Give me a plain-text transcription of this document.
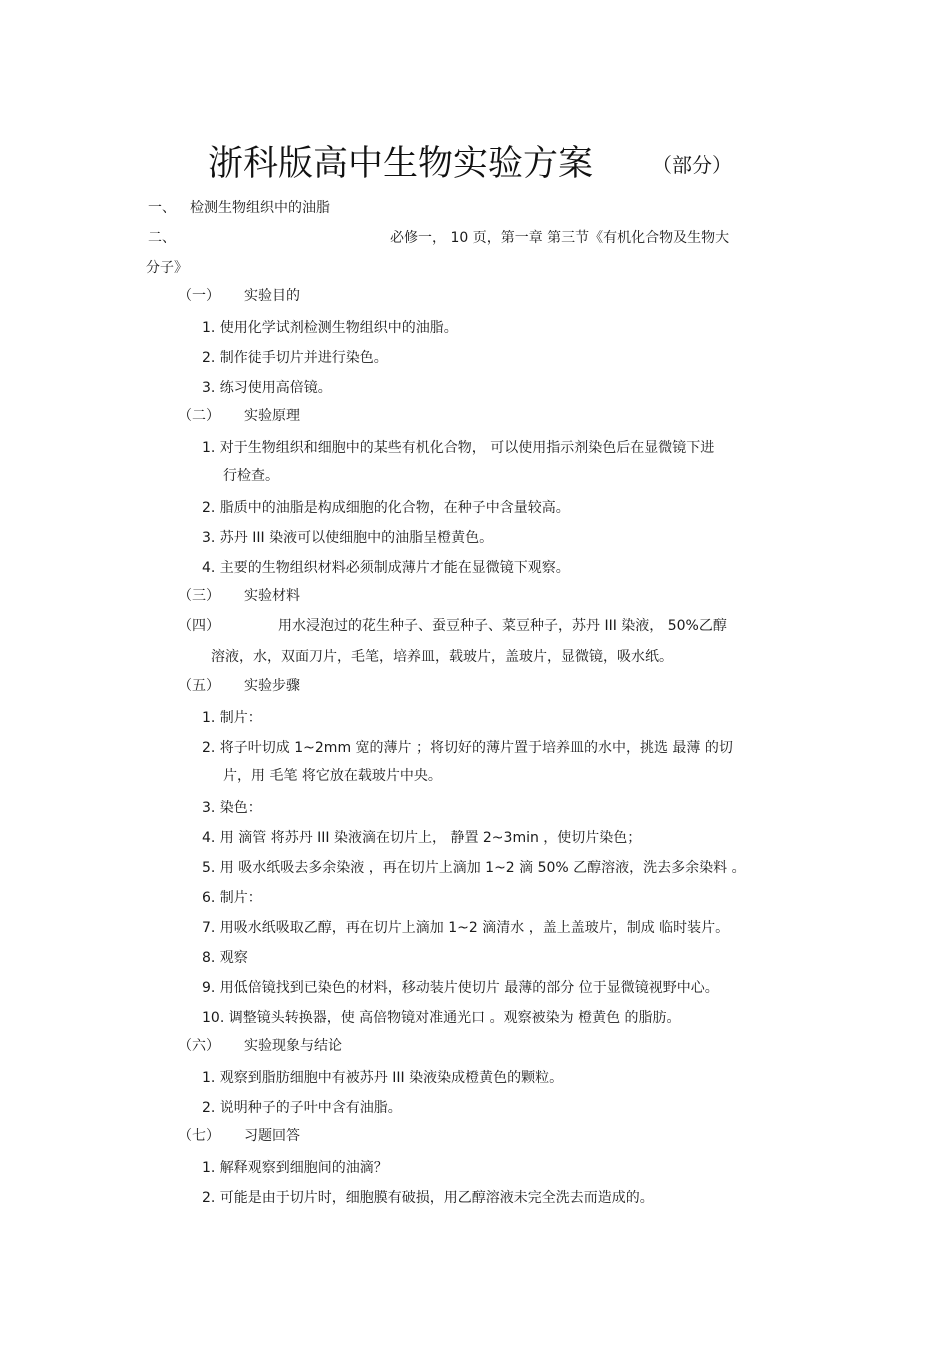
浙科版高中生物实验方案	（部分）
一、 检测生物组织中的油脂
二、	必修一， 10 页，第一章 第三节《有机化合物及生物大
分子》
（一） 实验目的
1. 使用化学试剂检测生物组织中的油脂。
2. 制作徒手切片并进行染色。
3. 练习使用高倍镜。
（二） 实验原理
1. 对于生物组织和细胞中的某些有机化合物， 可以使用指示剂染色后在显微镜下进
行检查。
2. 脂质中的油脂是构成细胞的化合物，在种子中含量较高。
3. 苏丹 III 染液可以使细胞中的油脂呈橙黄色。
4. 主要的生物组织材料必须制成薄片才能在显微镜下观察。
（三） 实验材料
（四）	用水浸泡过的花生种子、蚕豆种子、菜豆种子，苏丹 III 染液， 50%乙醇
溶液，水，双面刀片，毛笔，培养皿，载玻片，盖玻片，显微镜，吸水纸。
（五） 实验步骤
1. 制片：
2. 将子叶切成 1~2mm 宽的薄片 ；将切好的薄片置于培养皿的水中，挑选 最薄 的切
片，用 毛笔 将它放在载玻片中央。
3. 染色：
4. 用 滴管 将苏丹 III 染液滴在切片上， 静置 2~3min ，使切片染色；
5. 用 吸水纸吸去多余染液 ，再在切片上滴加 1~2 滴 50% 乙醇溶液，洗去多余染料 。
6. 制片：
7. 用吸水纸吸取乙醇，再在切片上滴加 1~2 滴清水 ，盖上盖玻片，制成 临时装片。
8. 观察
9. 用低倍镜找到已染色的材料，移动装片使切片 最薄的部分 位于显微镜视野中心。
10. 调整镜头转换器，使 高倍物镜对准通光口 。观察被染为 橙黄色 的脂肪。
（六） 实验现象与结论
1. 观察到脂肪细胞中有被苏丹 III 染液染成橙黄色的颗粒。
2. 说明种子的子叶中含有油脂。
（七） 习题回答
1. 解释观察到细胞间的油滴？
2. 可能是由于切片时，细胞膜有破损，用乙醇溶液未完全洗去而造成的。
